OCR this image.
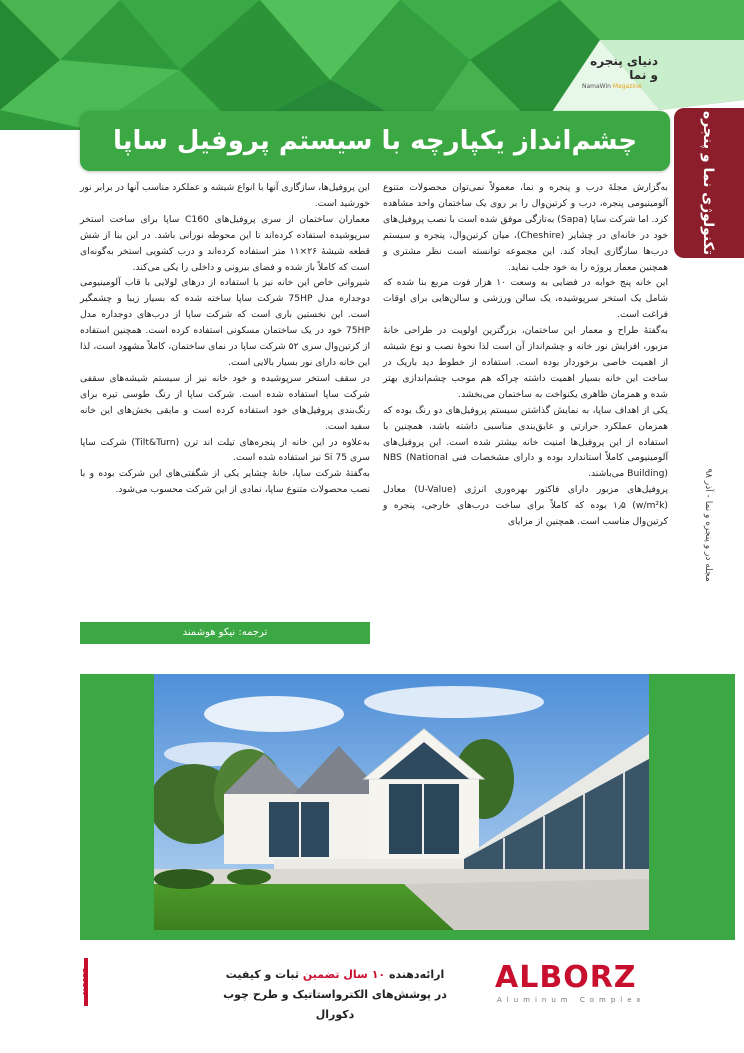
دنیای پنجره و نما
NamaWin Magazine
تکنولوژی نما و پنجره
چشم‌انداز یکپارچه با سیستم پروفیل ساپا

به‌گزارش مجلهٔ درب و پنجره و نما، معمولاً نمی‌توان محصولات متنوع آلومینیومی پنجره، درب و کرتین‌وال را بر روی یک ساختمان واحد مشاهده کرد. اما شرکت ساپا (Sapa) به‌تازگی موفق شده است با نصب پروفیل‌های خود در خانه‌ای در چشایر (Cheshire)، میان کرتین‌وال، پنجره و سیستم درب‌ها سازگاری ایجاد کند. این مجموعه توانسته است نظر مشتری و همچنین معمار پروژه را به خود جلب نماید.

این خانه پنج خوابه در فضایی به وسعت ۱۰ هزار فوت مربع بنا شده که شامل یک استخر سرپوشیده، یک سالن ورزشی و سالن‌هایی برای اوقات فراغت است.

به‌گفتهٔ طراح و معمار این ساختمان، بزرگترین اولویت در طراحی خانهٔ مزبور، افزایش نور خانه و چشم‌انداز آن است لذا نحوهٔ نصب و نوع شیشه از اهمیت خاصی برخوردار بوده است. استفاده از خطوط دید باریک در ساخت این خانه بسیار اهمیت داشته چراکه هم موجب چشم‌اندازی بهتر شده و همزمان ظاهری یکنواخت به ساختمان می‌بخشد.

یکی از اهداف ساپا، به نمایش گذاشتن سیستم پروفیل‌های دو رنگ بوده که همزمان عملکرد حرارتی و عایق‌بندی مناسبی داشته باشد، همچنین با استفاده از این پروفیل‌ها امنیت خانه بیشتر شده است. این پروفیل‌های آلومینیومی کاملاً استاندارد بوده و دارای مشخصات فنی NBS (National Building) می‌باشند.

پروفیل‌های مزبور دارای فاکتور بهره‌وری انرژی (U-Value) معادل (w/m²k) ۱٫۵ بوده که کاملاً برای ساخت درب‌های خارجی، پنجره و کرتین‌وال مناسب است. همچنین از مزایای

این پروفیل‌ها، سازگاری آنها با انواع شیشه و عملکرد مناسب آنها در برابر نور خورشید است.

معماران ساختمان از سری پروفیل‌های C160 ساپا برای ساخت استخر سرپوشیده استفاده کرده‌اند تا این محوطه نورانی باشد. در این بنا از شش قطعه شیشهٔ ۲۶×۱۱ متر استفاده کرده‌اند و درب کشویی استخر به‌گونه‌ای است که کاملاً باز شده و فضای بیرونی و داخلی را یکی می‌کند.

شیروانی خاص این خانه نیز با استفاده از درهای لولایی با قاب آلومینیومی دوجداره مدل 75HP شرکت ساپا ساخته شده که بسیار زیبا و چشمگیر است. این نخستین باری است که شرکت ساپا از درب‌های دوجداره مدل 75HP خود در یک ساختمان مسکونی استفاده کرده است. همچنین استفاده از کرتین‌وال سری ۵۲ شرکت ساپا در نمای ساختمان، کاملاً مشهود است، لذا این خانه دارای نور بسیار بالایی است.

در سقف استخر سرپوشیده و خود خانه نیز از سیستم شیشه‌های سقفی شرکت ساپا استفاده شده است. شرکت ساپا از رنگ طوسی تیره برای رنگ‌بندی پروفیل‌های خود استفاده کرده است و مابقی بخش‌های این خانه سفید است.

به‌علاوه در این خانه از پنجره‌های تیلت اند ترن (Tilt&Turn) شرکت ساپا سری 75 Si نیز استفاده شده است.

به‌گفتهٔ شرکت ساپا، خانهٔ چشایر یکی از شگفتی‌های این شرکت بوده و با نصب محصولات متنوع ساپا، نمادی از این شرکت محسوب می‌شود.

ترجمه: نیکو هوشمند
مجله در و پنجره و نما - آذر ۹۸
ALBORZ	ارائه‌دهنده ۱۰ سال تضمین ثبات و کیفیت
در پوشش‌های الکترواستاتیک و طرح چوب دکورال
ALBORZ
Aluminum Complex
